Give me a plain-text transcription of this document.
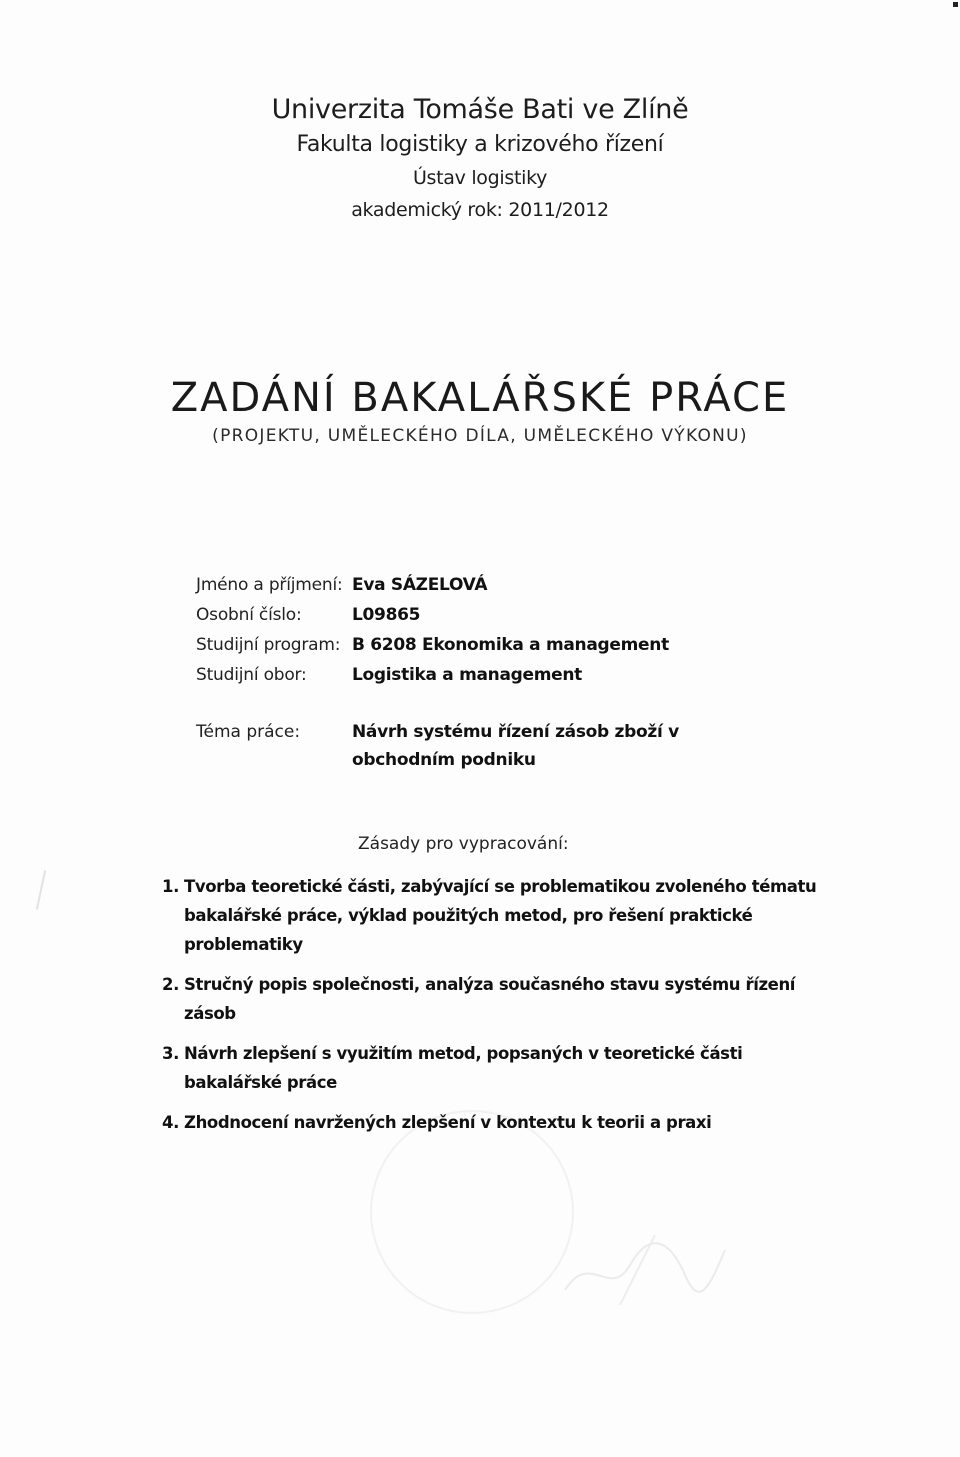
Univerzita Tomáše Bati ve Zlíně
Fakulta logistiky a krizového řízení
Ústav logistiky
akademický rok: 2011/2012
ZADÁNÍ BAKALÁŘSKÉ PRÁCE
(PROJEKTU, UMĚLECKÉHO DÍLA, UMĚLECKÉHO VÝKONU)
Jméno a příjmení: Eva SÁZELOVÁ
Osobní číslo:	L09865
Studijní program: B 6208 Ekonomika a management
Studijní obor:	Logistika a management
Téma práce:	Návrh systému řízení zásob zboží v obchodním podniku
Zásady pro vypracování:
1. Tvorba teoretické části, zabývající se problematikou zvoleného tématu bakalářské práce, výklad použitých metod, pro řešení praktické problematiky
2. Stručný popis společnosti, analýza současného stavu systému řízení zásob
3. Návrh zlepšení s využitím metod, popsaných v teoretické části bakalářské práce
4. Zhodnocení navržených zlepšení v kontextu k teorii a praxi
